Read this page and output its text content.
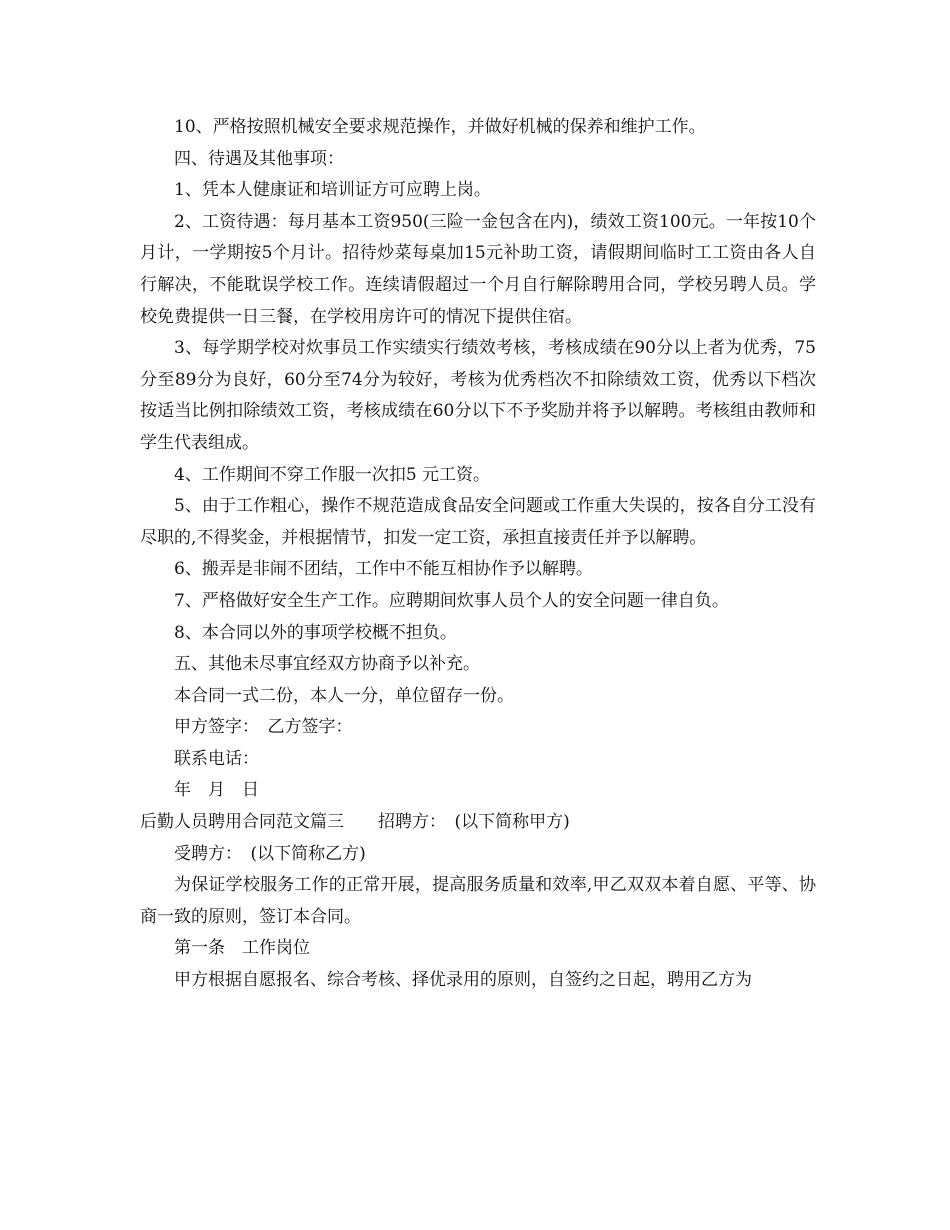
10、严格按照机械安全要求规范操作，并做好机械的保养和维护工作。

四、待遇及其他事项：

1、凭本人健康证和培训证方可应聘上岗。

2、工资待遇：每月基本工资950(三险一金包含在内)，绩效工资100元。一年按10个月计，一学期按5个月计。招待炒菜每桌加15元补助工资，请假期间临时工工资由各人自行解决，不能耽误学校工作。连续请假超过一个月自行解除聘用合同，学校另聘人员。学校免费提供一日三餐，在学校用房许可的情况下提供住宿。

3、每学期学校对炊事员工作实绩实行绩效考核，考核成绩在90分以上者为优秀，75分至89分为良好，60分至74分为较好，考核为优秀档次不扣除绩效工资，优秀以下档次按适当比例扣除绩效工资，考核成绩在60分以下不予奖励并将予以解聘。考核组由教师和学生代表组成。

4、工作期间不穿工作服一次扣5 元工资。

5、由于工作粗心，操作不规范造成食品安全问题或工作重大失误的，按各自分工没有尽职的,不得奖金，并根据情节，扣发一定工资，承担直接责任并予以解聘。

6、搬弄是非闹不团结，工作中不能互相协作予以解聘。

7、严格做好安全生产工作。应聘期间炊事人员个人的安全问题一律自负。

8、本合同以外的事项学校概不担负。

五、其他未尽事宜经双方协商予以补充。

本合同一式二份，本人一分，单位留存一份。

甲方签字：　乙方签字：

联系电话：

年　月　日

后勤人员聘用合同范文篇三　　招聘方：　(以下简称甲方)

受聘方：　(以下简称乙方)

为保证学校服务工作的正常开展，提高服务质量和效率,甲乙双双本着自愿、平等、协商一致的原则，签订本合同。

第一条　工作岗位

甲方根据自愿报名、综合考核、择优录用的原则，自签约之日起，聘用乙方为
